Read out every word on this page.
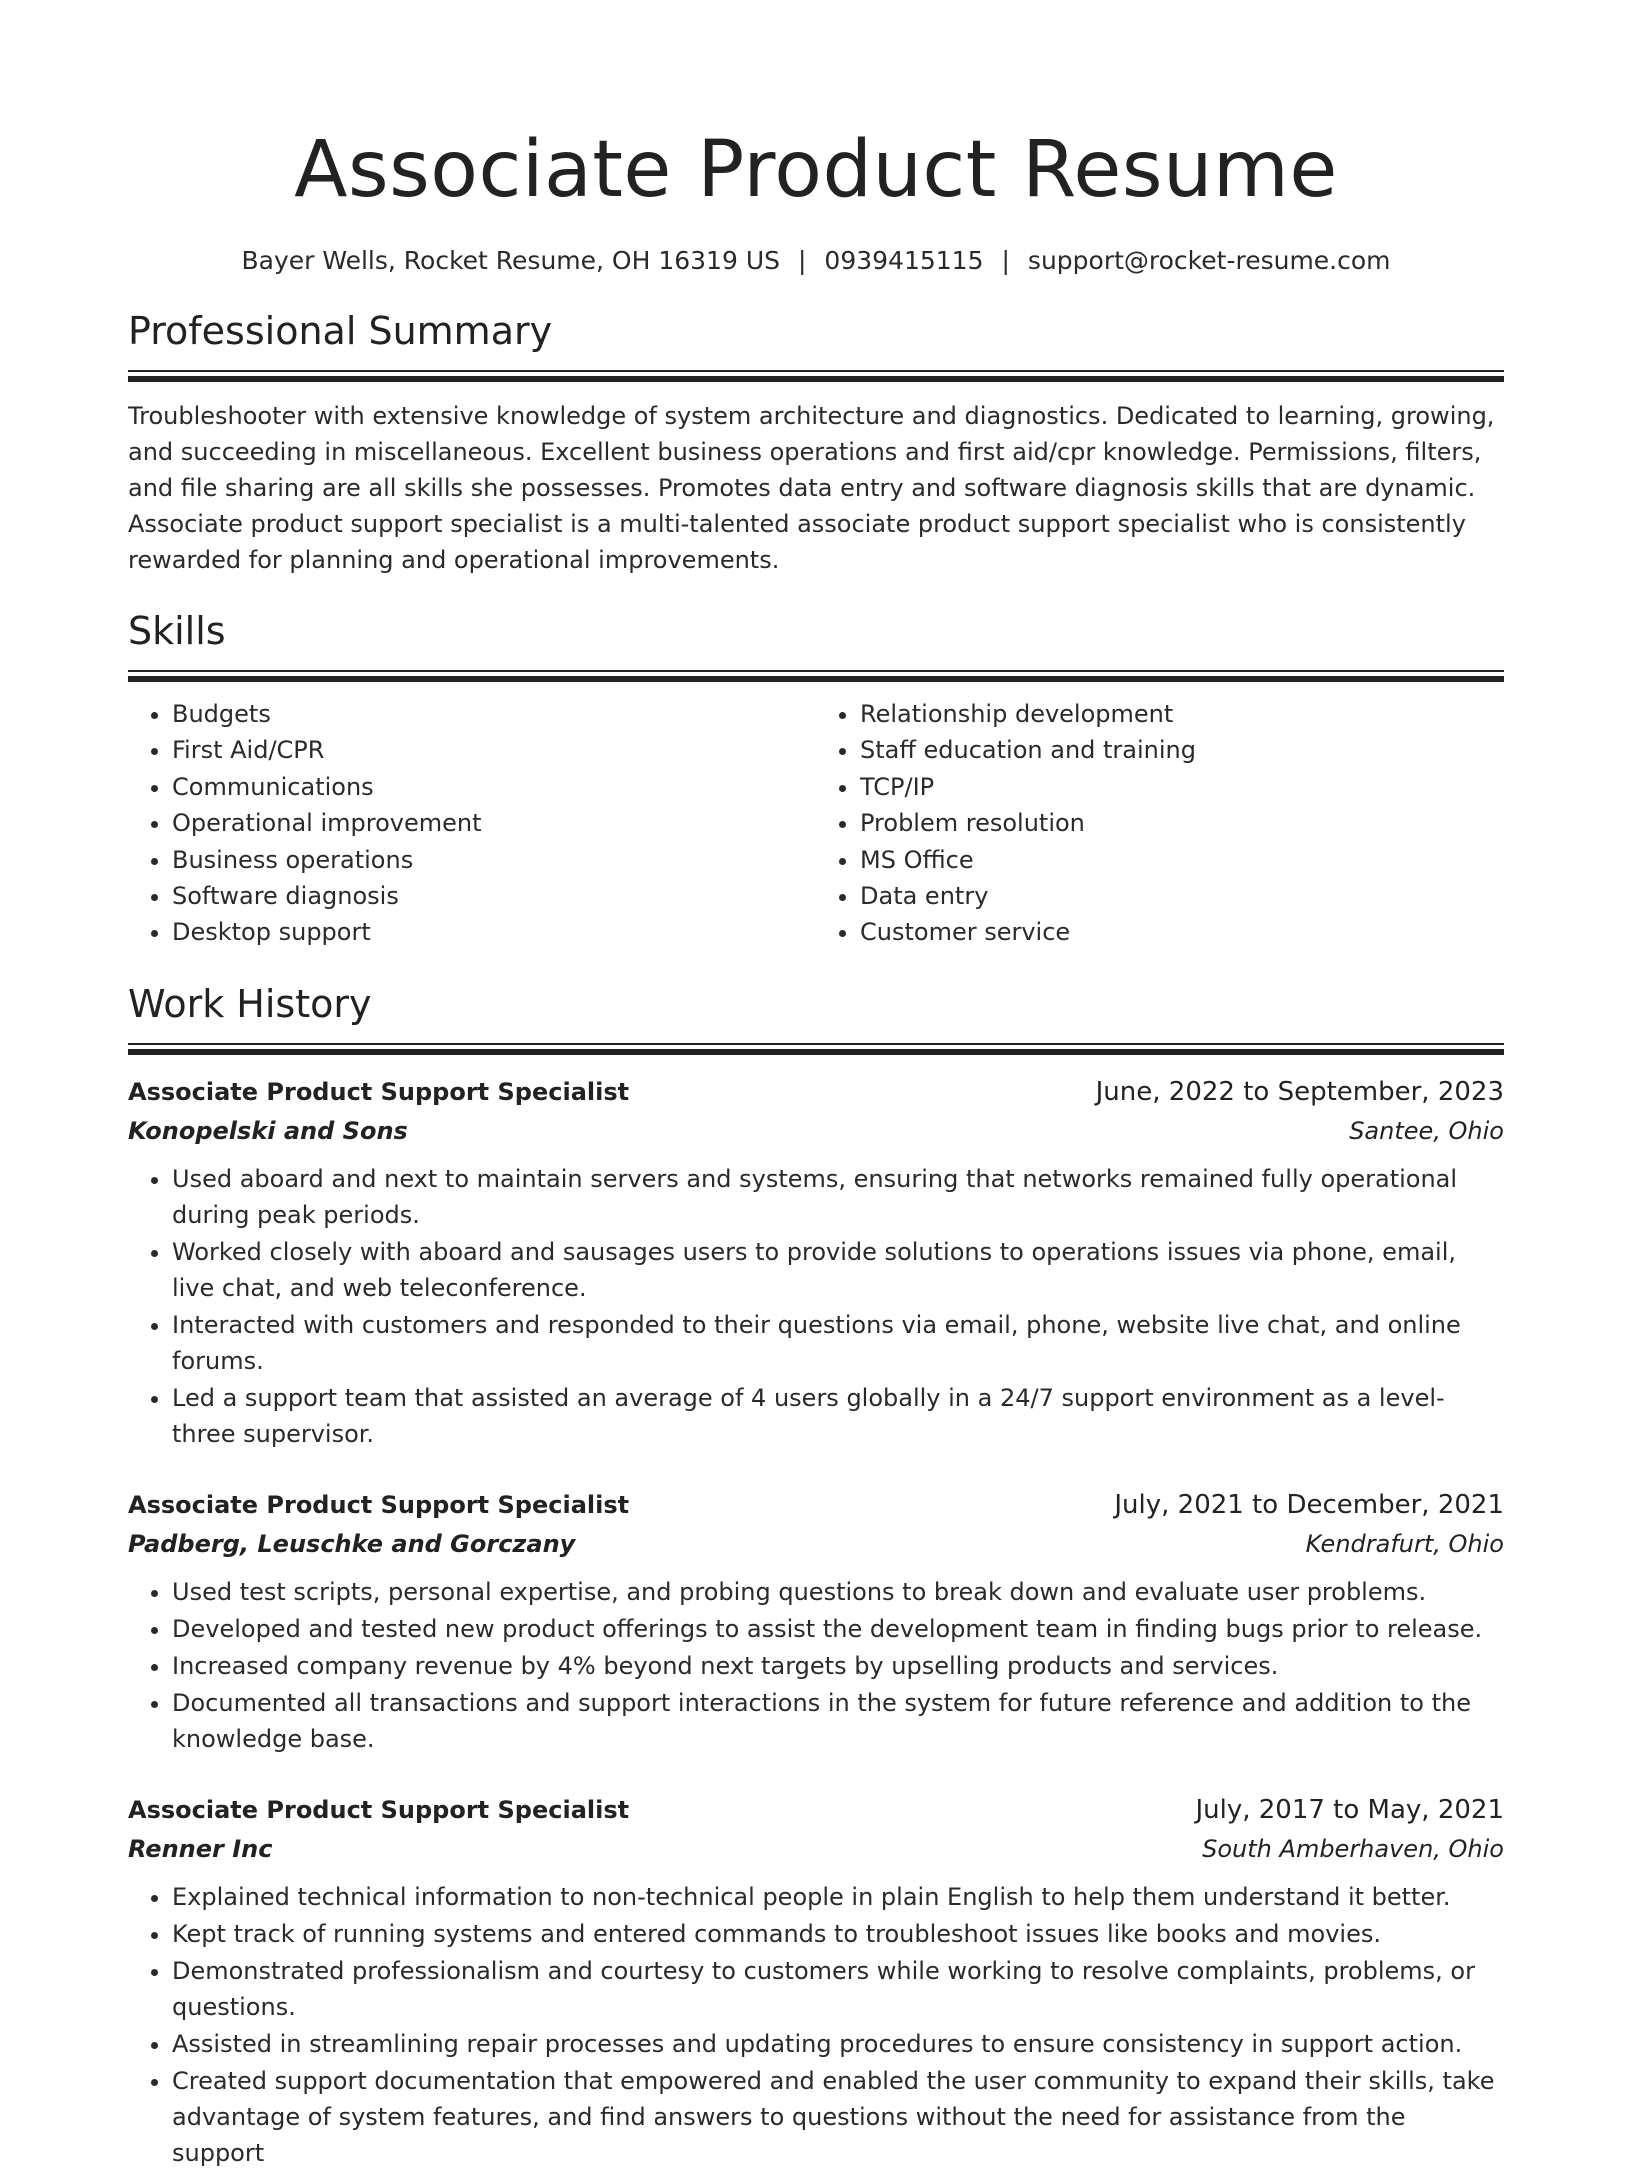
Associate Product Resume
Bayer Wells, Rocket Resume, OH 16319 US | 0939415115 | support@rocket-resume.com
Professional Summary
Troubleshooter with extensive knowledge of system architecture and diagnostics. Dedicated to learning, growing, and succeeding in miscellaneous. Excellent business operations and first aid/cpr knowledge. Permissions, filters, and file sharing are all skills she possesses. Promotes data entry and software diagnosis skills that are dynamic. Associate product support specialist is a multi-talented associate product support specialist who is consistently rewarded for planning and operational improvements.
Skills
• Budgets
• First Aid/CPR
• Communications
• Operational improvement
• Business operations
• Software diagnosis
• Desktop support
• Relationship development
• Staff education and training
• TCP/IP
• Problem resolution
• MS Office
• Data entry
• Customer service
Work History
Associate Product Support Specialist	June, 2022 to September, 2023
Konopelski and Sons	Santee, Ohio
• Used aboard and next to maintain servers and systems, ensuring that networks remained fully operational during peak periods.
• Worked closely with aboard and sausages users to provide solutions to operations issues via phone, email, live chat, and web teleconference.
• Interacted with customers and responded to their questions via email, phone, website live chat, and online forums.
• Led a support team that assisted an average of 4 users globally in a 24/7 support environment as a level-three supervisor.
Associate Product Support Specialist	July, 2021 to December, 2021
Padberg, Leuschke and Gorczany	Kendrafurt, Ohio
• Used test scripts, personal expertise, and probing questions to break down and evaluate user problems.
• Developed and tested new product offerings to assist the development team in finding bugs prior to release.
• Increased company revenue by 4% beyond next targets by upselling products and services.
• Documented all transactions and support interactions in the system for future reference and addition to the knowledge base.
Associate Product Support Specialist	July, 2017 to May, 2021
Renner Inc	South Amberhaven, Ohio
• Explained technical information to non-technical people in plain English to help them understand it better.
• Kept track of running systems and entered commands to troubleshoot issues like books and movies.
• Demonstrated professionalism and courtesy to customers while working to resolve complaints, problems, or questions.
• Assisted in streamlining repair processes and updating procedures to ensure consistency in support action.
• Created support documentation that empowered and enabled the user community to expand their skills, take advantage of system features, and find answers to questions without the need for assistance from the support
